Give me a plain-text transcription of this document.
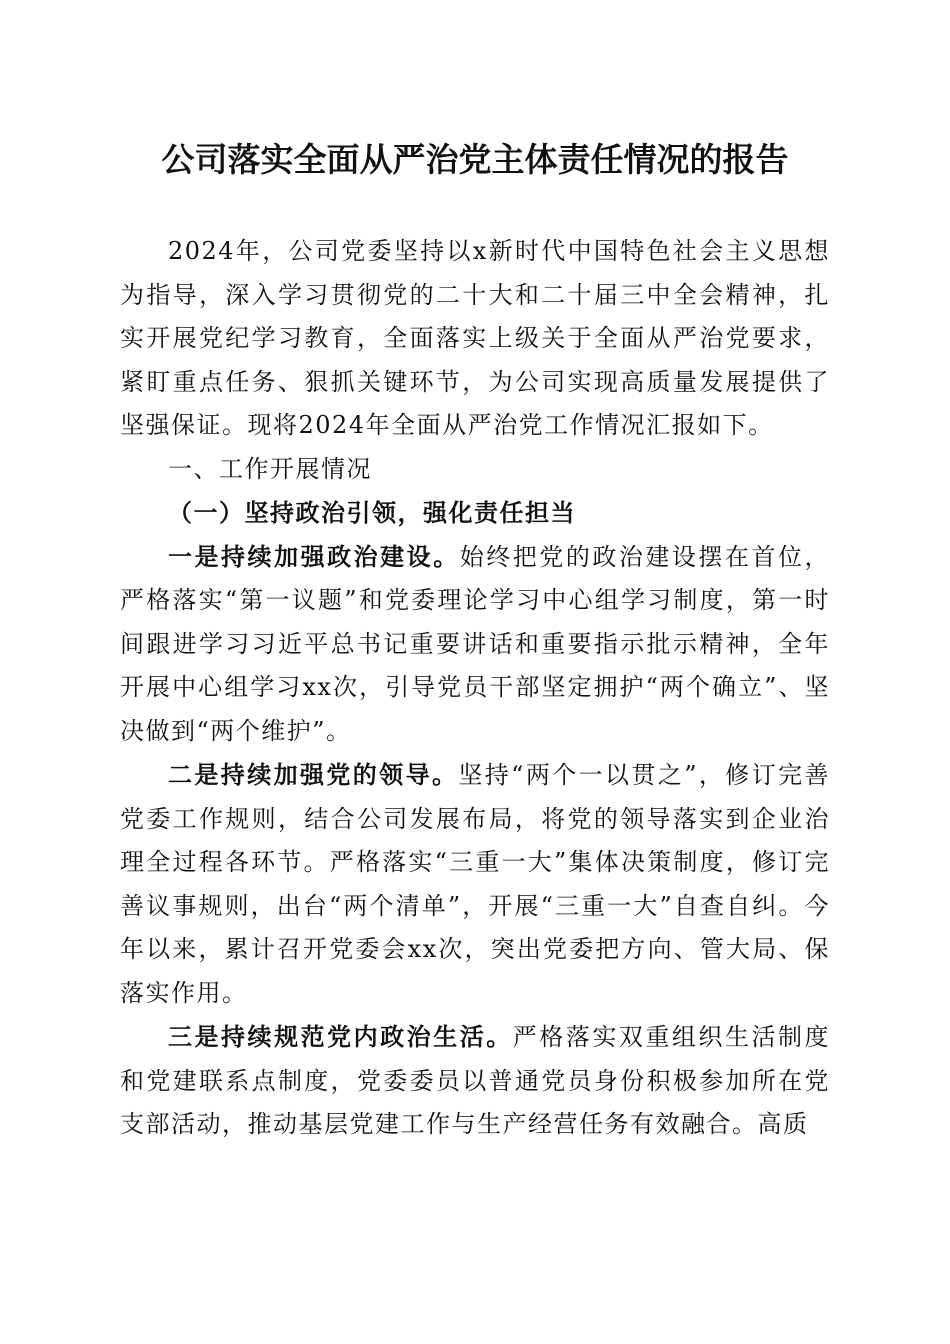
公司落实全面从严治党主体责任情况的报告

2024年，公司党委坚持以x新时代中国特色社会主义思想为指导，深入学习贯彻党的二十大和二十届三中全会精神，扎实开展党纪学习教育，全面落实上级关于全面从严治党要求，紧盯重点任务、狠抓关键环节，为公司实现高质量发展提供了坚强保证。现将2024年全面从严治党工作情况汇报如下。

一、工作开展情况

（一）坚持政治引领，强化责任担当

一是持续加强政治建设。始终把党的政治建设摆在首位，严格落实“第一议题”和党委理论学习中心组学习制度，第一时间跟进学习习近平总书记重要讲话和重要指示批示精神，全年开展中心组学习xx次，引导党员干部坚定拥护“两个确立”、坚决做到“两个维护”。

二是持续加强党的领导。坚持“两个一以贯之”，修订完善党委工作规则，结合公司发展布局，将党的领导落实到企业治理全过程各环节。严格落实“三重一大”集体决策制度，修订完善议事规则，出台“两个清单”，开展“三重一大”自查自纠。今年以来，累计召开党委会xx次，突出党委把方向、管大局、保落实作用。

三是持续规范党内政治生活。严格落实双重组织生活制度和党建联系点制度，党委委员以普通党员身份积极参加所在党支部活动，推动基层党建工作与生产经营任务有效融合。高质
